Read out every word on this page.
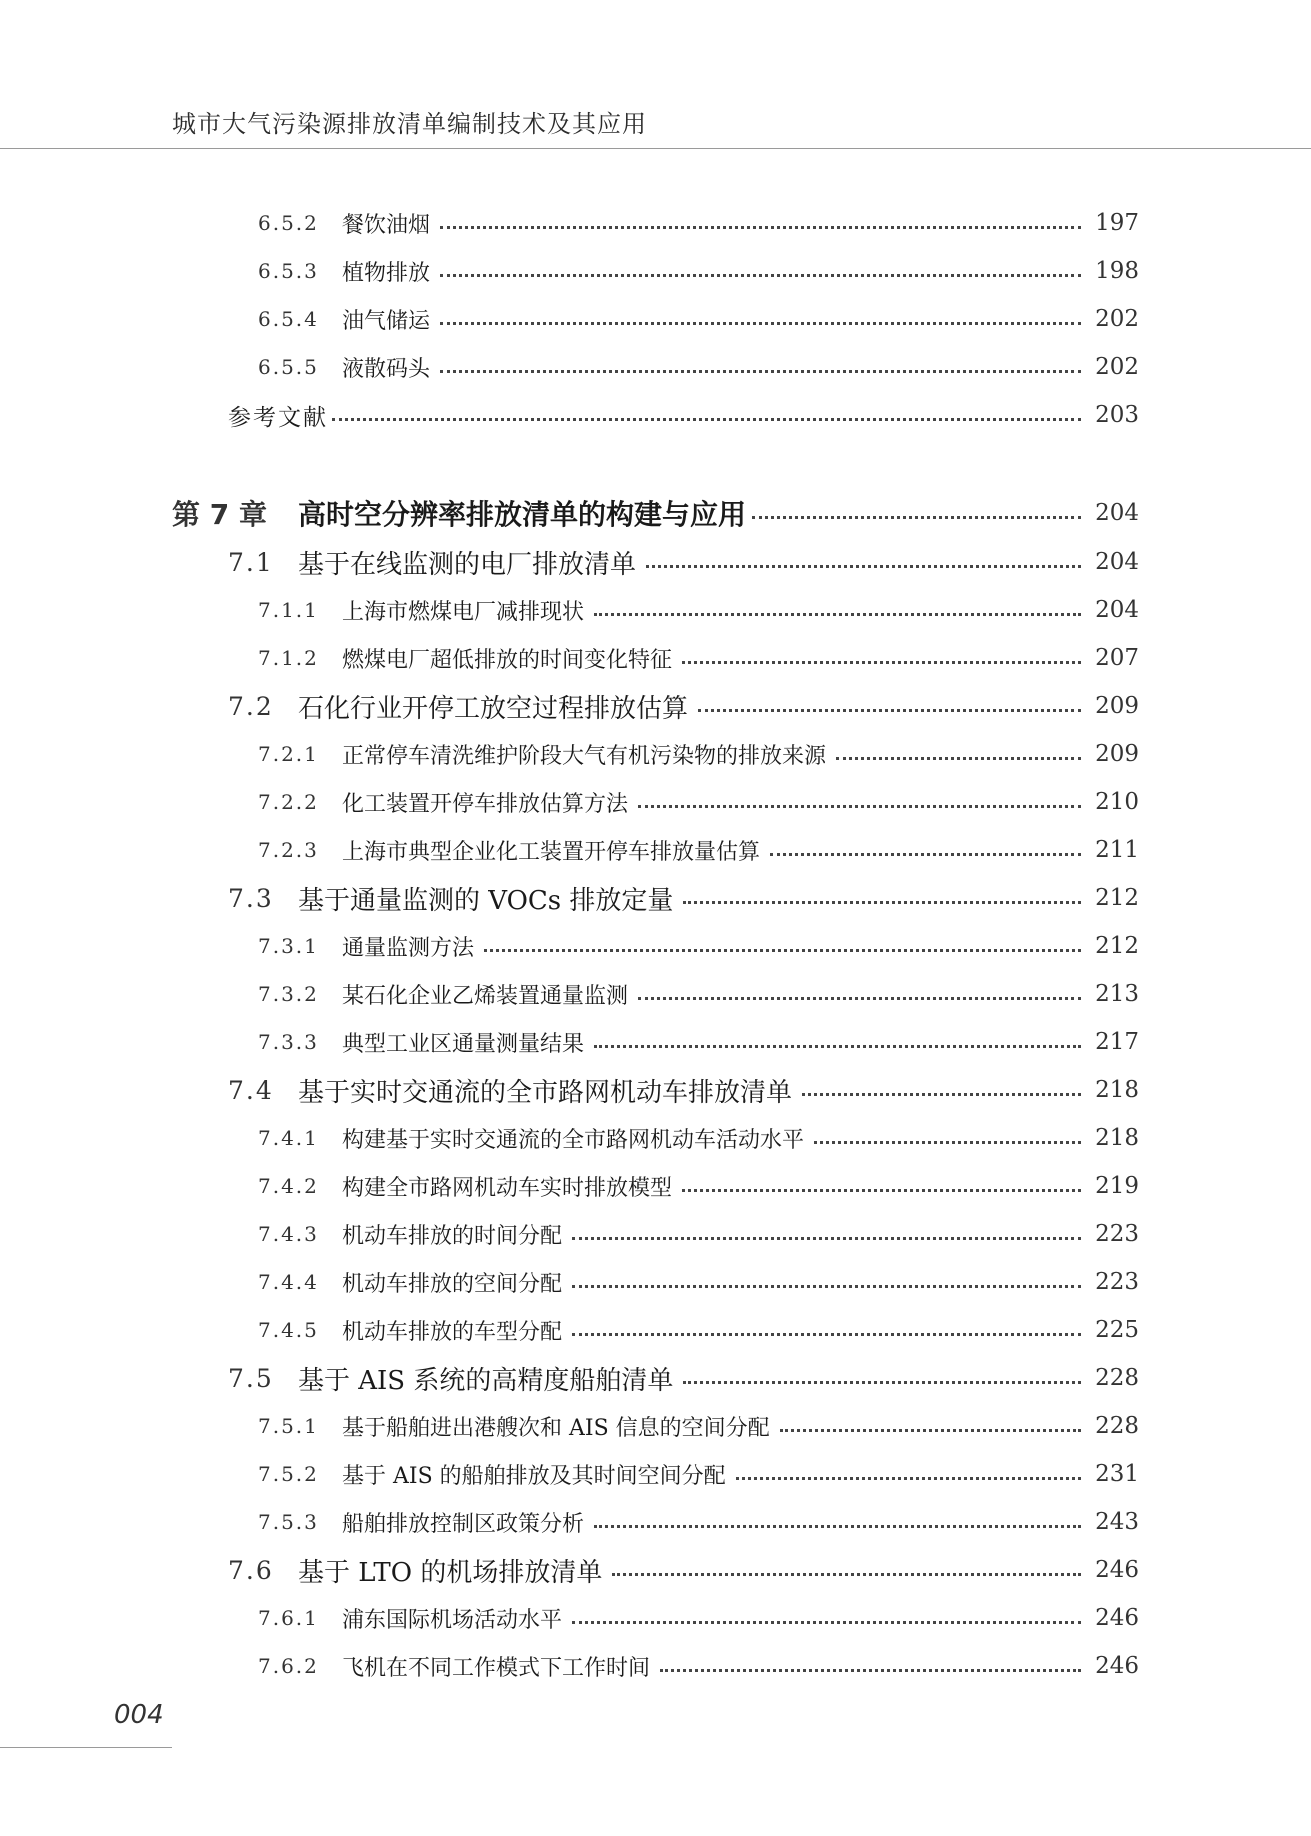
城市大气污染源排放清单编制技术及其应用
6.5.2	餐饮油烟	197
6.5.3	植物排放	198
6.5.4	油气储运	202
6.5.5	液散码头	202
参考文献	203
第 7 章	高时空分辨率排放清单的构建与应用	204
7.1 基于在线监测的电厂排放清单	204
7.1.1	上海市燃煤电厂减排现状	204
7.1.2	燃煤电厂超低排放的时间变化特征	207
7.2 石化行业开停工放空过程排放估算	209
7.2.1	正常停车清洗维护阶段大气有机污染物的排放来源	209
7.2.2	化工装置开停车排放估算方法	210
7.2.3	上海市典型企业化工装置开停车排放量估算	211
7.3 基于通量监测的 VOCs 排放定量	212
7.3.1	通量监测方法	212
7.3.2	某石化企业乙烯装置通量监测	213
7.3.3	典型工业区通量测量结果	217
7.4 基于实时交通流的全市路网机动车排放清单	218
7.4.1	构建基于实时交通流的全市路网机动车活动水平	218
7.4.2	构建全市路网机动车实时排放模型	219
7.4.3	机动车排放的时间分配	223
7.4.4	机动车排放的空间分配	223
7.4.5	机动车排放的车型分配	225
7.5 基于 AIS 系统的高精度船舶清单	228
7.5.1	基于船舶进出港艘次和 AIS 信息的空间分配	228
7.5.2	基于 AIS 的船舶排放及其时间空间分配	231
7.5.3	船舶排放控制区政策分析	243
7.6 基于 LTO 的机场排放清单	246
7.6.1	浦东国际机场活动水平	246
7.6.2	飞机在不同工作模式下工作时间	246
004
